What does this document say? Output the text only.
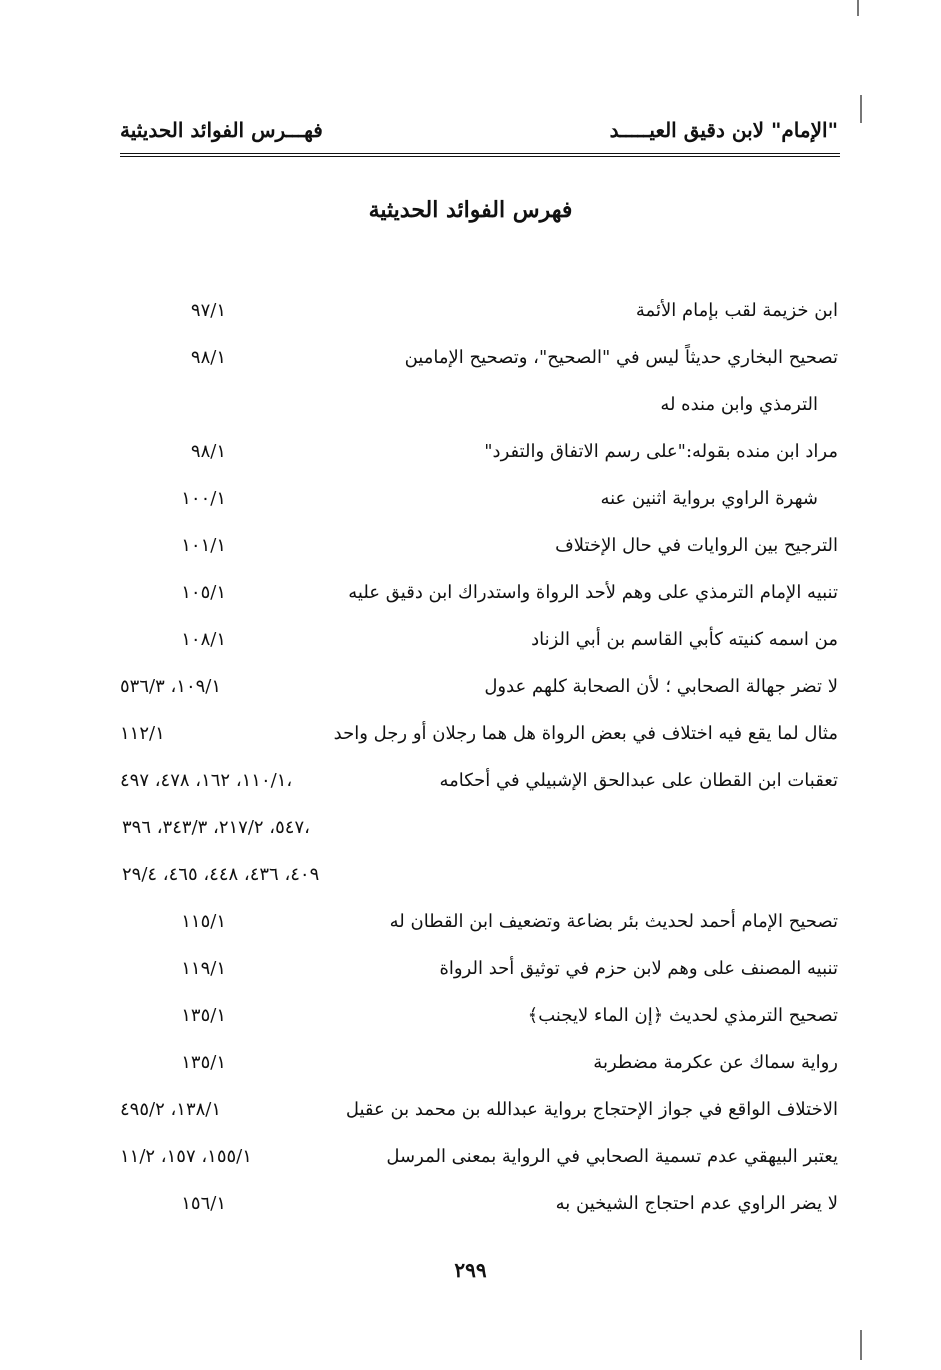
"الإمام" لابن دقيق العيـــــد
فهـــرس الفوائد الحديثية
فهرس الفوائد الحديثية
ابن خزيمة لقب بإمام الأئمة
٩٧/١
تصحيح البخاري حديثاً ليس في "الصحيح"، وتصحيح الإمامين
٩٨/١
الترمذي وابن منده له
مراد ابن منده بقوله:"على رسم الاتفاق والتفرد"
٩٨/١
شهرة الراوي برواية اثنين عنه
١٠٠/١
الترجيح بين الروايات في حال الإختلاف
١٠١/١
تنبيه الإمام الترمذي على وهم لأحد الرواة واستدراك ابن دقيق عليه
١٠٥/١
من اسمه كنيته كأبي القاسم بن أبي الزناد
١٠٨/١
لا تضر جهالة الصحابي ؛ لأن الصحابة كلهم عدول
١٠٩/١، ٥٣٦/٣
مثال لما يقع فيه اختلاف في بعض الرواة هل هما رجلان أو رجل واحد
١١٢/١
تعقبات ابن القطان على عبدالحق الإشبيلي في أحكامه
١١٠/١، ١٦٢، ٤٧٨، ٤٩٧،
٥٤٧، ٢١٧/٢، ٣٤٣/٣، ٣٩٦،
٤٠٩، ٤٣٦، ٤٤٨، ٤٦٥، ٢٩/٤
تصحيح الإمام أحمد لحديث بئر بضاعة وتضعيف ابن القطان له
١١٥/١
تنبيه المصنف على وهم لابن حزم في توثيق أحد الرواة
١١٩/١
تصحيح الترمذي لحديث ﴿إن الماء لايجنب﴾
١٣٥/١
رواية سماك عن عكرمة مضطربة
١٣٥/١
الاختلاف الواقع في جواز الإحتجاج برواية عبدالله بن محمد بن عقيل
١٣٨/١، ٤٩٥/٢
يعتبر البيهقي عدم تسمية الصحابي في الرواية بمعنى المرسل
١٥٥/١، ١٥٧، ١١/٢
لا يضر الراوي عدم احتجاج الشيخين به
١٥٦/١
٢٩٩
